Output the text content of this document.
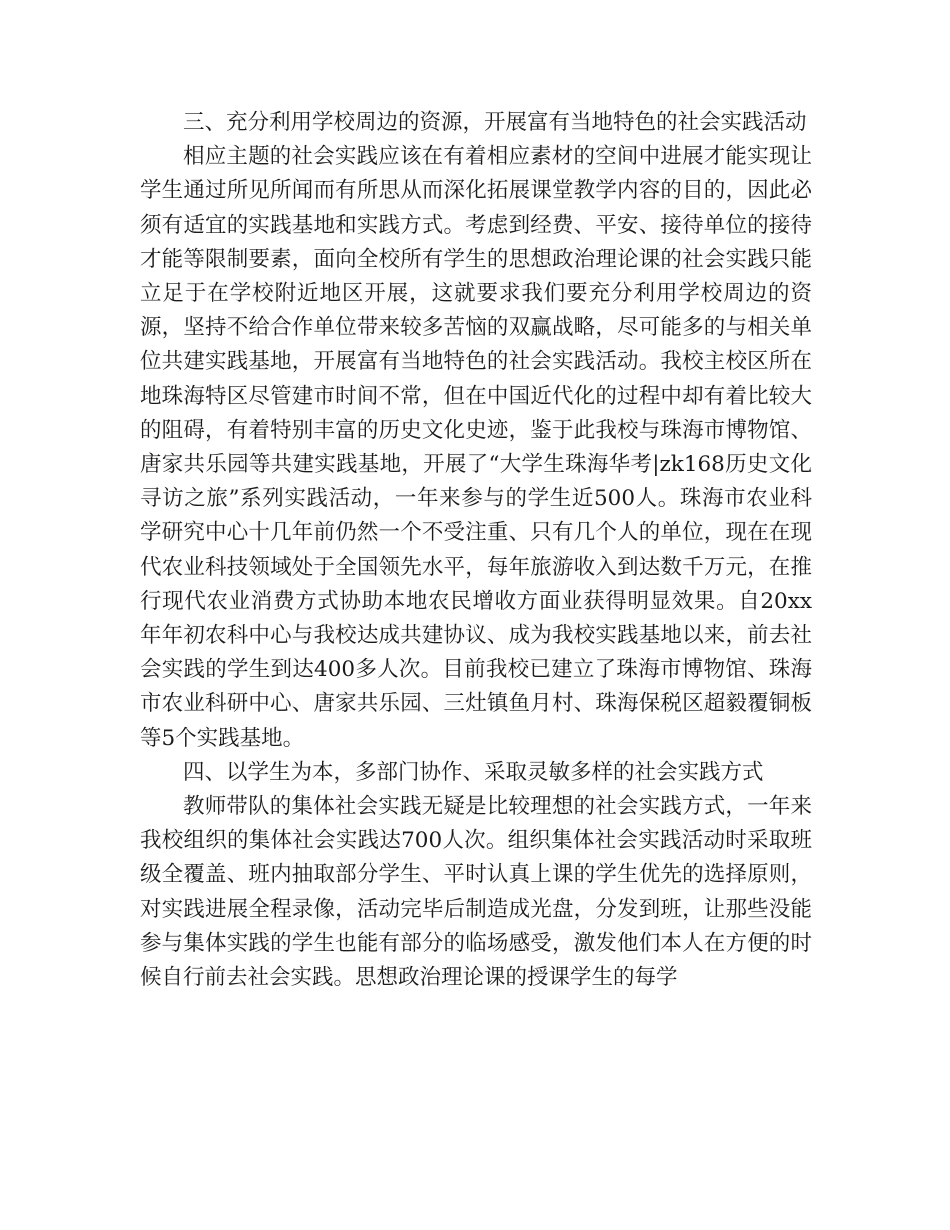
三、充分利用学校周边的资源，开展富有当地特色的社会实践活动

相应主题的社会实践应该在有着相应素材的空间中进展才能实现让学生通过所见所闻而有所思从而深化拓展课堂教学内容的目的，因此必须有适宜的实践基地和实践方式。考虑到经费、平安、接待单位的接待才能等限制要素，面向全校所有学生的思想政治理论课的社会实践只能立足于在学校附近地区开展，这就要求我们要充分利用学校周边的资源，坚持不给合作单位带来较多苦恼的双赢战略，尽可能多的与相关单位共建实践基地，开展富有当地特色的社会实践活动。我校主校区所在地珠海特区尽管建市时间不常，但在中国近代化的过程中却有着比较大的阻碍，有着特别丰富的历史文化史迹，鉴于此我校与珠海市博物馆、唐家共乐园等共建实践基地，开展了“大学生珠海华考|zk168历史文化寻访之旅”系列实践活动，一年来参与的学生近500人。珠海市农业科学研究中心十几年前仍然一个不受注重、只有几个人的单位，现在在现代农业科技领域处于全国领先水平，每年旅游收入到达数千万元，在推行现代农业消费方式协助本地农民增收方面业获得明显效果。自20xx年年初农科中心与我校达成共建协议、成为我校实践基地以来，前去社会实践的学生到达400多人次。目前我校已建立了珠海市博物馆、珠海市农业科研中心、唐家共乐园、三灶镇鱼月村、珠海保税区超毅覆铜板等5个实践基地。

四、以学生为本，多部门协作、采取灵敏多样的社会实践方式

教师带队的集体社会实践无疑是比较理想的社会实践方式，一年来我校组织的集体社会实践达700人次。组织集体社会实践活动时采取班级全覆盖、班内抽取部分学生、平时认真上课的学生优先的选择原则，对实践进展全程录像，活动完毕后制造成光盘，分发到班，让那些没能参与集体实践的学生也能有部分的临场感受，激发他们本人在方便的时候自行前去社会实践。思想政治理论课的授课学生的每学
